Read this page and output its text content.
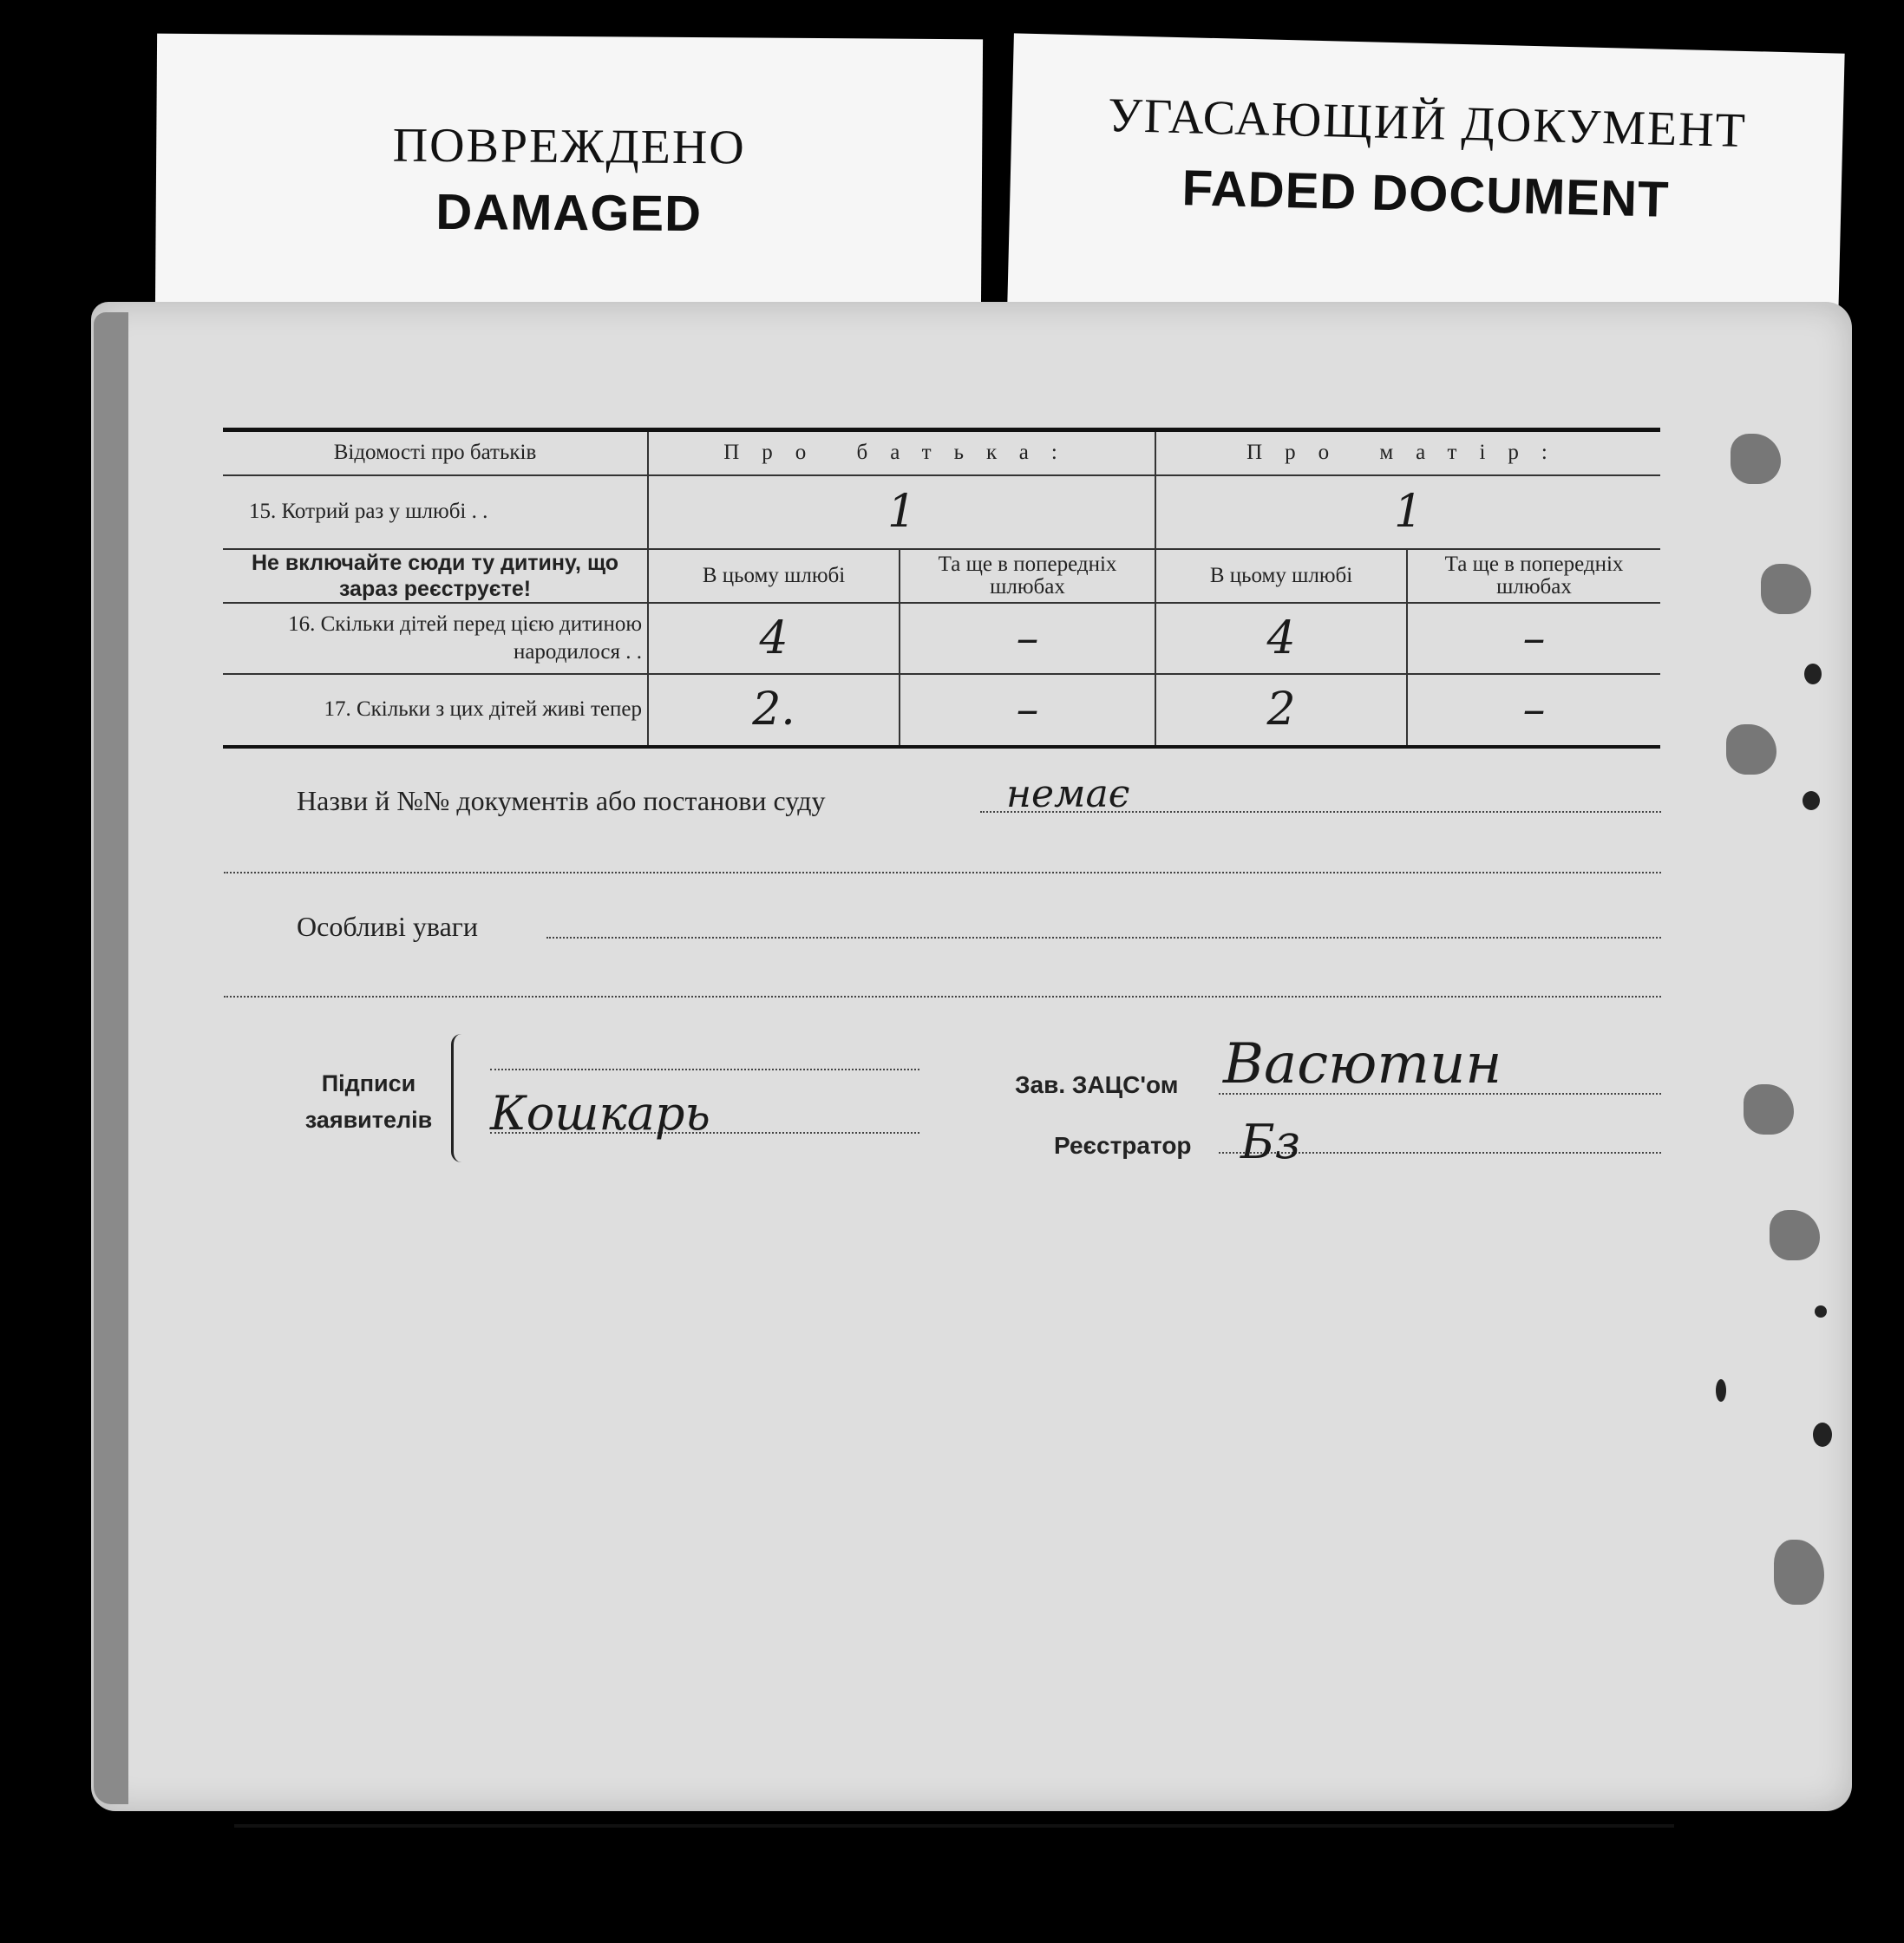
ПОВРЕЖДЕНО
DAMAGED
УГАСАЮЩИЙ ДОКУМЕНТ
FADED DOCUMENT
Відомості про батьків	Про батька:		Про матір:	
15. Котрий раз у шлюбі . .	1		1	
Не включайте сюди ту дитину, що зараз реєструєте!	В цьому шлюбі	Та ще в попередніх шлюбах	В цьому шлюбі	Та ще в попередніх шлюбах
16. Скільки дітей перед цією дитиною народилося . .	4	–	4	–
17. Скільки з цих дітей живі тепер	2.	–	2	–
Назви й №№ документів або постанови суду	немає
Особливі уваги
Підписи заявителів	Кошкарь
Зав. ЗАЦС'ом Васютин
Реєстратор Бз
